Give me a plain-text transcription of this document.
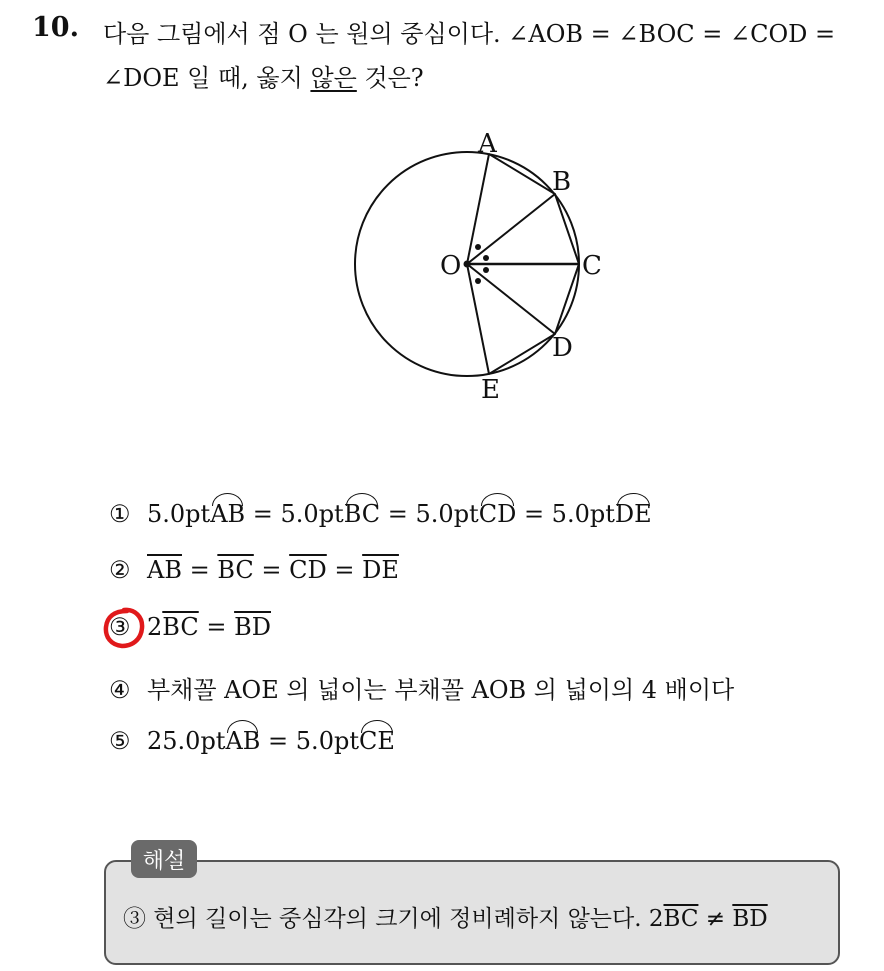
10. 다음 그림에서 점 O 는 원의 중심이다. ∠AOB = ∠BOC = ∠COD =
∠DOE 일 때, 옳지 않은 것은?
A
B
C
D
E
O
① 5.0ptAB = 5.0ptBC = 5.0ptCD = 5.0ptDE
② $\overline{AB} = \overline{BC} = \overline{CD} = \overline{DE}$
③ $2\overline{BC} = \overline{BD}$
④ 부채꼴 AOE 의 넓이는 부채꼴 AOB 의 넓이의 4 배이다
⑤ 25.0ptAB = 5.0ptCE
해설
③ 현의 길이는 중심각의 크기에 정비례하지 않는다. $2\overline{BC} \ne \overline{BD}$
